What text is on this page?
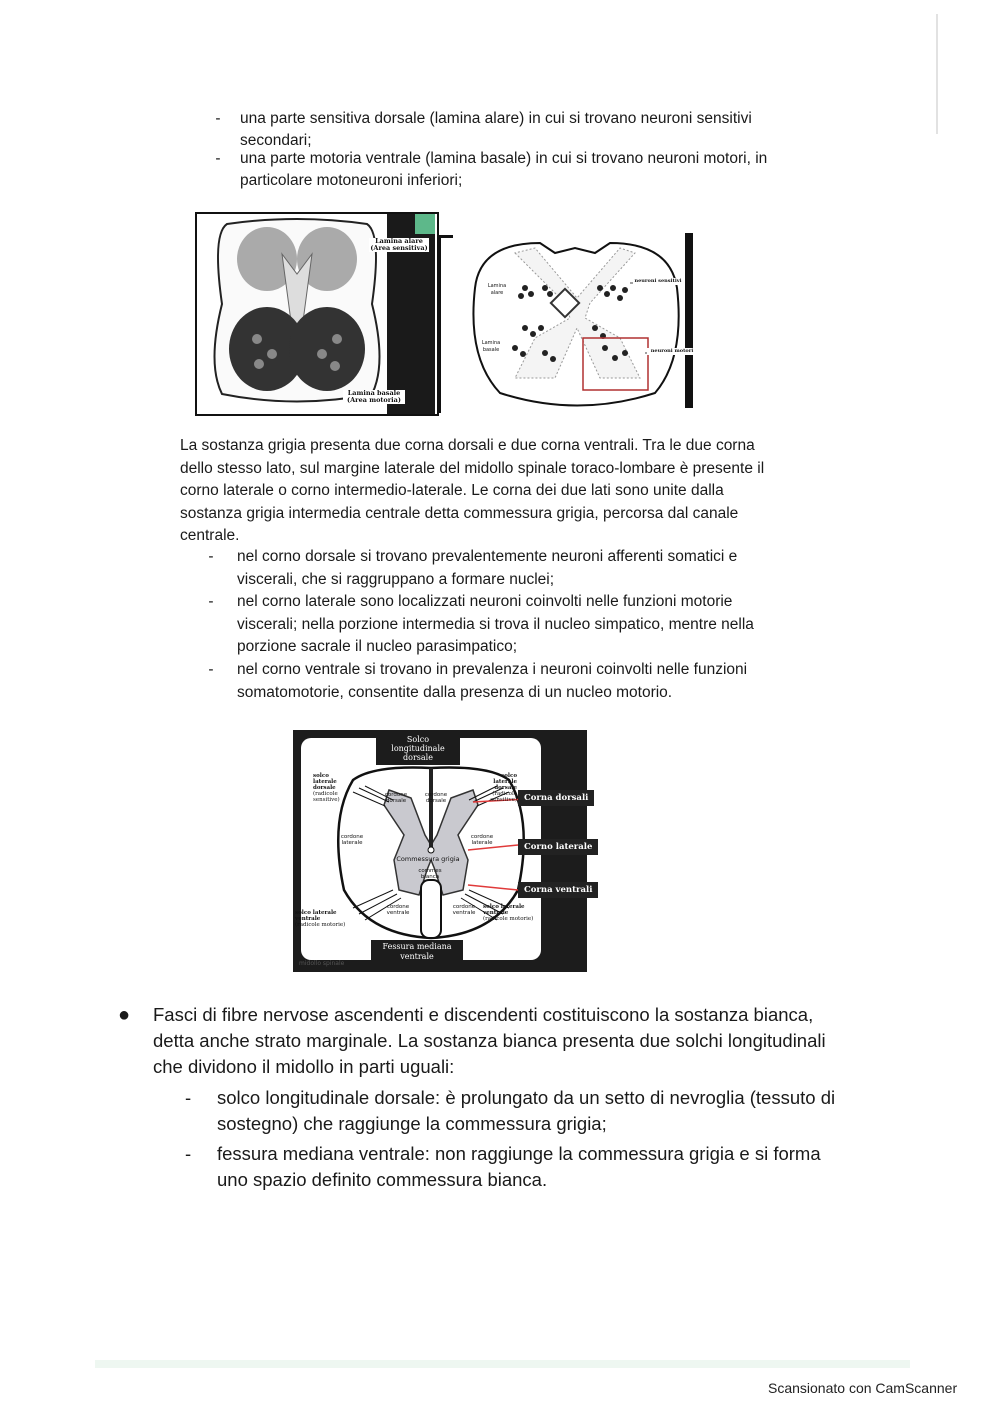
-	una parte sensitiva dorsale (lamina alare) in cui si trovano neuroni sensitivi
secondari;
-	una parte motoria ventrale (lamina basale) in cui si trovano neuroni motori, in
particolare motoneuroni inferiori;
Lamina alare
(Area sensitiva)
Lamina basale
(Area motoria)
Lamina alare
Lamina basale
neuroni sensitivi
neuroni motori
La sostanza grigia presenta due corna dorsali e due corna ventrali. Tra le due corna
dello stesso lato, sul margine laterale del midollo spinale toraco-lombare è presente il
corno laterale o corno intermedio-laterale. Le corna dei due lati sono unite dalla
sostanza grigia intermedia centrale detta commessura grigia, percorsa dal canale
centrale.
-	nel corno dorsale si trovano prevalentemente neuroni afferenti somatici e
viscerali, che si raggruppano a formare nuclei;
-	nel corno laterale sono localizzati neuroni coinvolti nelle funzioni motorie
viscerali; nella porzione intermedia si trova il nucleo simpatico, mentre nella
porzione sacrale il nucleo parasimpatico;
-	nel corno ventrale si trovano in prevalenza i neuroni coinvolti nelle funzioni
somatomotorie, consentite dalla presenza di un nucleo motorio.
Solco
longitudinale
dorsale
solco laterale
dorsale
(radicole
sensitive)
solco laterale
dorsale
(radicole
sensitive)
cordone
dorsale
cordone
dorsale
cordone
laterale
cordone
laterale
Commessura grigia
commes
bianca
cordone
ventrale
cordone
ventrale
solco laterale
ventrale
(radicole motorie)
solco laterale
ventrale
(radicole motorie)
Fessura mediana
ventrale
midollo spinale
Corna dorsali
Corno laterale
Corna ventrali
● Fasci di fibre nervose ascendenti e discendenti costituiscono la sostanza bianca,
detta anche strato marginale. La sostanza bianca presenta due solchi longitudinali
che dividono il midollo in parti uguali:
- solco longitudinale dorsale: è prolungato da un setto di nevroglia (tessuto di
sostegno) che raggiunge la commessura grigia;
- fessura mediana ventrale: non raggiunge la commessura grigia e si forma
uno spazio definito commessura bianca.
Scansionato con CamScanner
